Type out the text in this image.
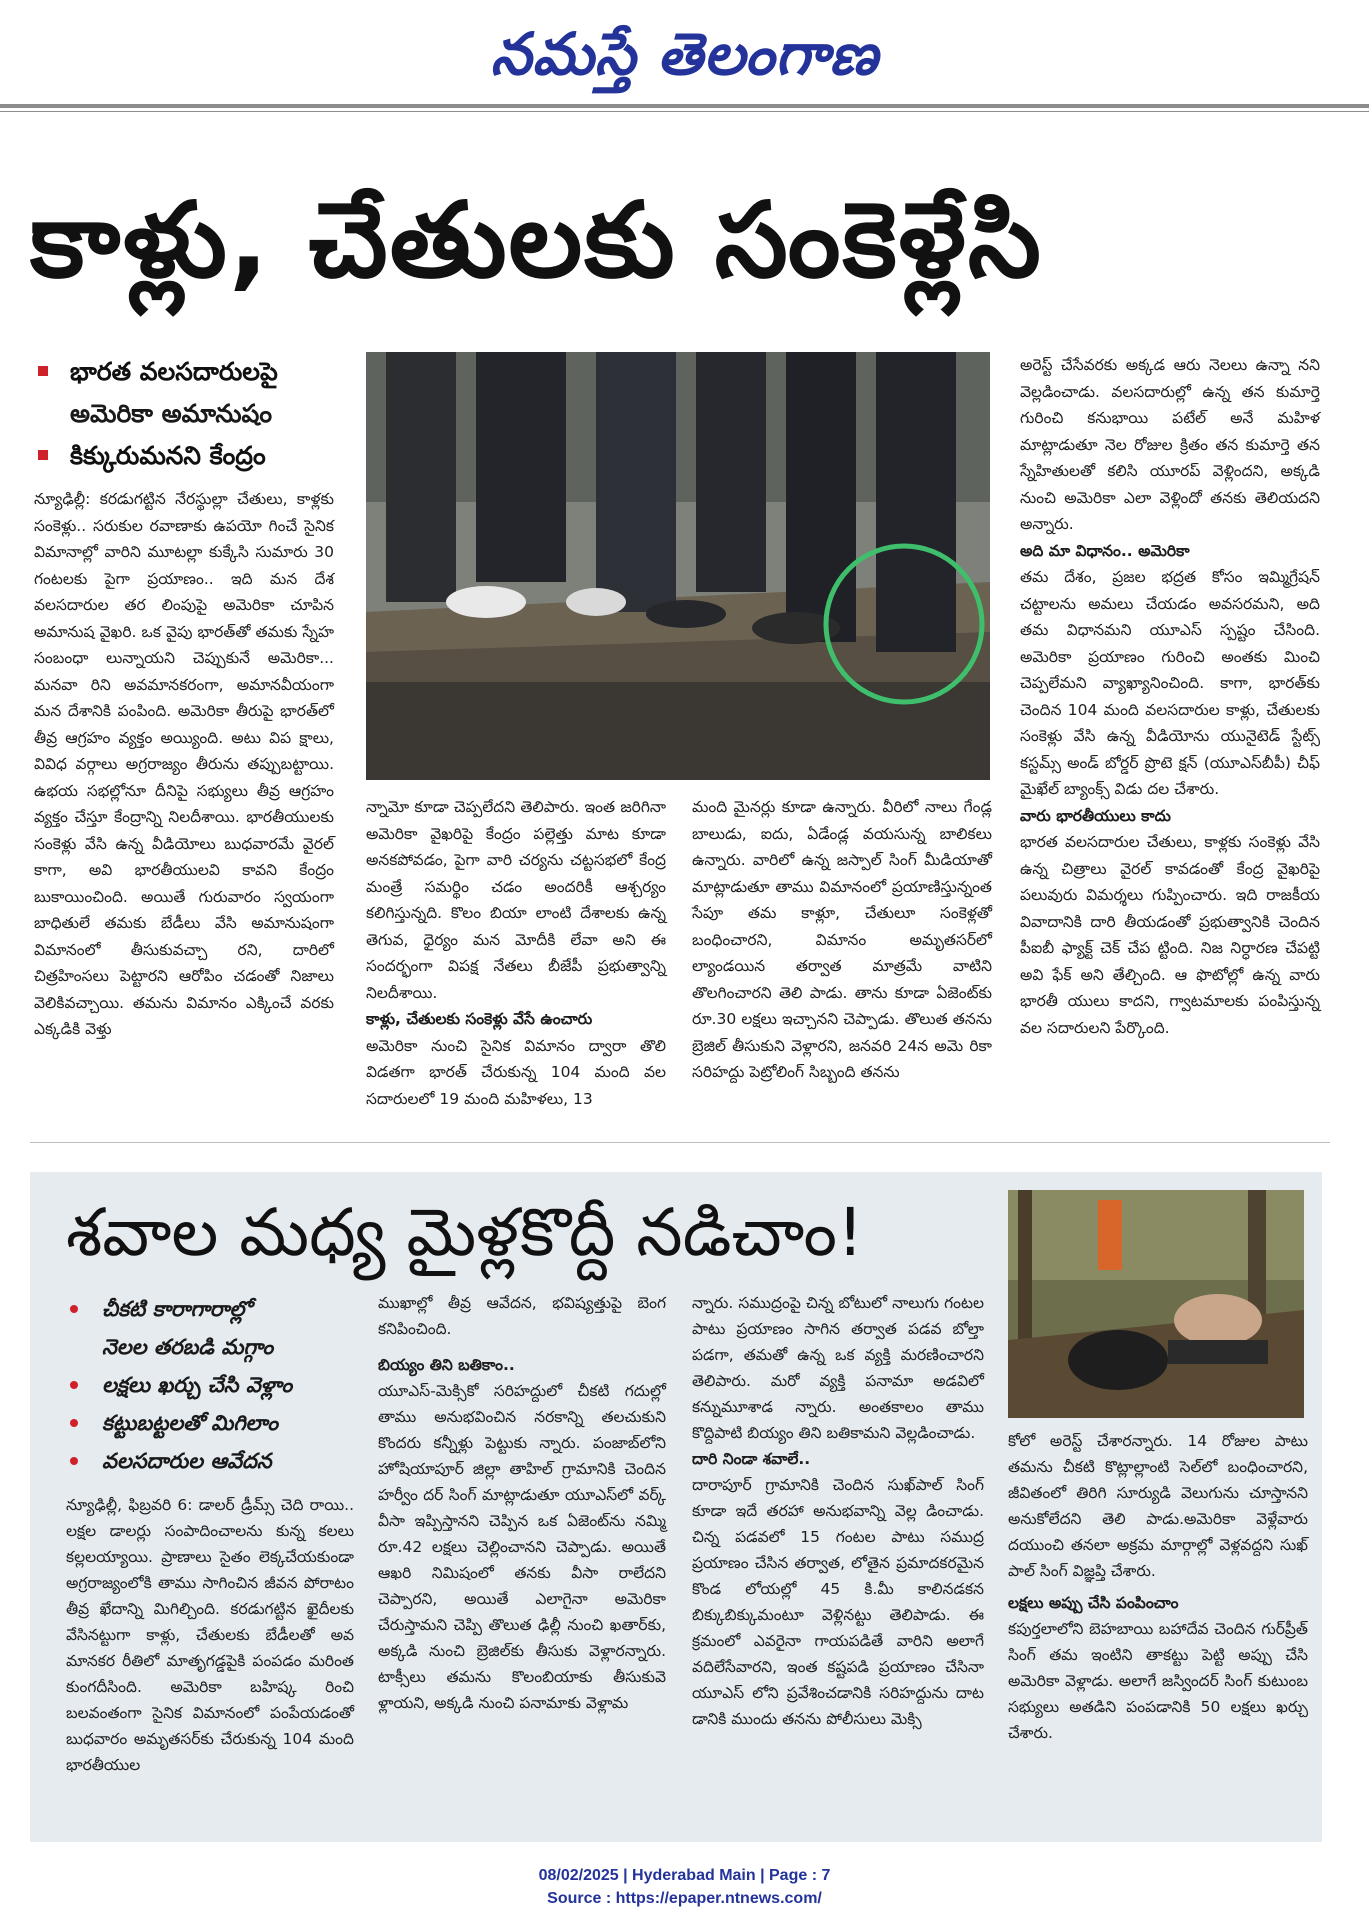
నమస్తే తెలంగాణ
కాళ్లు, చేతులకు సంకెళ్లేసి
భారత వలసదారులపై
అమెరికా అమానుషం
కిక్కురుమనని కేంద్రం

న్యూఢిల్లీ: కరడుగట్టిన నేరస్థుల్లా చేతులు, కాళ్లకు సంకెళ్లు.. సరుకుల రవాణాకు ఉపయో గించే సైనిక విమానాల్లో వారిని మూటల్లా కుక్కేసి సుమారు 30 గంటలకు పైగా ప్రయాణం.. ఇది మన దేశ వలసదారుల తర లింపుపై అమెరికా చూపిన అమానుష వైఖరి. ఒక వైపు భారత్‌తో తమకు స్నేహ సంబంధా లున్నాయని చెప్పుకునే అమెరికా... మనవా రిని అవమానకరంగా, అమానవీయంగా మన దేశానికి పంపింది. అమెరికా తీరుపై భారత్‌లో తీవ్ర ఆగ్రహం వ్యక్తం అయ్యింది. అటు విప క్షాలు, వివిధ వర్గాలు అగ్రరాజ్యం తీరును తప్పుబట్టాయి. ఉభయ సభల్లోనూ దీనిపై సభ్యులు తీవ్ర ఆగ్రహం వ్యక్తం చేస్తూ కేంద్రాన్ని నిలదీశాయి. భారతీయులకు సంకెళ్లు వేసి ఉన్న వీడియోలు బుధవారమే వైరల్ కాగా, అవి భారతీయులవి కావని కేంద్రం బుకాయించింది. అయితే గురువారం స్వయంగా బాధితులే తమకు బేడీలు వేసి అమానుషంగా విమానంలో తీసుకువచ్చా రని, దారిలో చిత్రహింసలు పెట్టారని ఆరోపిం చడంతో నిజాలు వెలికివచ్చాయి. తమను విమానం ఎక్కించే వరకు ఎక్కడికి వెళ్తు

న్నామో కూడా చెప్పలేదని తెలిపారు. ఇంత జరిగినా అమెరికా వైఖరిపై కేంద్రం పల్లెత్తు మాట కూడా అనకపోవడం, పైగా వారి చర్యను చట్టసభలో కేంద్ర మంత్రే సమర్థిం చడం అందరికీ ఆశ్చర్యం కలిగిస్తున్నది. కొలం బియా లాంటి దేశాలకు ఉన్న తెగువ, ధైర్యం మన మోదీకి లేవా అని ఈ సందర్భంగా విపక్ష నేతలు బీజేపీ ప్రభుత్వాన్ని నిలదీశాయి.

కాళ్లు, చేతులకు సంకెళ్లు వేసే ఉంచారు

అమెరికా నుంచి సైనిక విమానం ద్వారా తొలి విడతగా భారత్ చేరుకున్న 104 మంది వల సదారులలో 19 మంది మహిళలు, 13

మంది మైనర్లు కూడా ఉన్నారు. వీరిలో నాలు గేండ్ల బాలుడు, ఐదు, ఏడేండ్ల వయసున్న బాలికలు ఉన్నారు. వారిలో ఉన్న జస్పాల్ సింగ్ మీడియాతో మాట్లాడుతూ తాము విమానంలో ప్రయాణిస్తున్నంత సేపూ తమ కాళ్లూ, చేతులూ సంకెళ్లతో బంధించారని, విమానం అమృతసర్‌లో ల్యాండయిన తర్వాత మాత్రమే వాటిని తొలగించారని తెలి పాడు. తాను కూడా ఏజెంట్‌కు రూ.30 లక్షలు ఇచ్చానని చెప్పాడు. తొలుత తనను బ్రెజిల్ తీసుకుని వెళ్లారని, జనవరి 24న అమె రికా సరిహద్దు పెట్రోలింగ్ సిబ్బంది తనను

అరెస్ట్ చేసేవరకు అక్కడ ఆరు నెలలు ఉన్నా నని వెల్లడించాడు. వలసదారుల్లో ఉన్న తన కుమార్తె గురించి కనుభాయి పటేల్ అనే మహిళ మాట్లాడుతూ నెల రోజుల క్రితం తన కుమార్తె తన స్నేహితులతో కలిసి యూరప్ వెళ్లిందని, అక్కడి నుంచి అమెరికా ఎలా వెళ్లిందో తనకు తెలియదని అన్నారు.

అది మా విధానం.. అమెరికా

తమ దేశం, ప్రజల భద్రత కోసం ఇమ్మిగ్రేషన్ చట్టాలను అమలు చేయడం అవసరమని, అది తమ విధానమని యూఎస్ స్పష్టం చేసింది. అమెరికా ప్రయాణం గురించి అంతకు మించి చెప్పలేమని వ్యాఖ్యానించింది. కాగా, భారత్‌కు చెందిన 104 మంది వలసదారుల కాళ్లు, చేతులకు సంకెళ్లు వేసి ఉన్న వీడియోను యునైటెడ్ స్టేట్స్ కస్టమ్స్ అండ్ బోర్డర్ ప్రొటె క్షన్ (యూఎస్‌బీపీ) చీఫ్ మైఖేల్ బ్యాంక్స్ విడు దల చేశారు.

వారు భారతీయులు కాదు

భారత వలసదారుల చేతులు, కాళ్లకు సంకెళ్లు వేసి ఉన్న చిత్రాలు వైరల్ కావడంతో కేంద్ర వైఖరిపై పలువురు విమర్శలు గుప్పించారు. ఇది రాజకీయ వివాదానికి దారి తీయడంతో ప్రభుత్వానికి చెందిన పీఐబీ ఫ్యాక్ట్ చెక్ చేప ట్టింది. నిజ నిర్ధారణ చేపట్టి అవి ఫేక్ అని తేల్చింది. ఆ ఫొటోల్లో ఉన్న వారు భారతీ యులు కాదని, గ్వాటమాలకు పంపిస్తున్న వల సదారులని పేర్కొంది.

శవాల మధ్య మైళ్లకొద్దీ నడిచాం!
చీకటి కారాగారాల్లో
నెలల తరబడి మగ్గాం
లక్షలు ఖర్చు చేసి వెళ్లాం
కట్టుబట్టలతో మిగిలాం
వలసదారుల ఆవేదన

న్యూఢిల్లీ, ఫిబ్రవరి 6: డాలర్ డ్రీమ్స్ చెది రాయి.. లక్షల డాలర్లు సంపాదించాలను కున్న కలలు కల్లలయ్యాయి. ప్రాణాలు సైతం లెక్కచేయకుండా అగ్రరాజ్యంలోకి తాము సాగించిన జీవన పోరాటం తీవ్ర ఖేదాన్ని మిగిల్చింది. కరడుగట్టిన ఖైదీలకు వేసినట్టుగా కాళ్లు, చేతులకు బేడీలతో అవ మానకర రీతిలో మాతృగడ్డపైకి పంపడం మరింత కుంగదీసింది. అమెరికా బహిష్క రించి బలవంతంగా సైనిక విమానంలో పంపేయడంతో బుధవారం అమృతసర్‌కు చేరుకున్న 104 మంది భారతీయుల

ముఖాల్లో తీవ్ర ఆవేదన, భవిష్యత్తుపై బెంగ కనిపించింది.

బియ్యం తిని బతికాం..

యూఎస్-మెక్సికో సరిహద్దులో చీకటి గదుల్లో తాము అనుభవించిన నరకాన్ని తలచుకుని కొందరు కన్నీళ్లు పెట్టుకు న్నారు. పంజాబ్‌లోని హోషియాపూర్ జిల్లా తాహిల్ గ్రామానికి చెందిన హర్వీం దర్ సింగ్ మాట్లాడుతూ యూఎస్‌లో వర్క్ వీసా ఇప్పిస్తానని చెప్పిన ఒక ఏజెంట్‌ను నమ్మి రూ.42 లక్షలు చెల్లించానని చెప్పాడు. అయితే ఆఖరి నిమిషంలో తనకు వీసా రాలేదని చెప్పారని, అయితే ఎలాగైనా అమెరికా చేరుస్తామని చెప్పి తొలుత ఢిల్లీ నుంచి ఖతార్‌కు, అక్కడి నుంచి బ్రెజిల్‌కు తీసుకు వెళ్లారన్నారు. టాక్సీలు తమను కొలంబియాకు తీసుకువె ళ్లాయని, అక్కడి నుంచి పనామాకు వెళ్లామ

న్నారు. సముద్రంపై చిన్న బోటులో నాలుగు గంటల పాటు ప్రయాణం సాగిన తర్వాత పడవ బోల్తా పడగా, తమతో ఉన్న ఒక వ్యక్తి మరణించారని తెలిపారు. మరో వ్యక్తి పనామా అడవిలో కన్నుమూశాడ న్నారు. అంతకాలం తాము కొద్దిపాటి బియ్యం తిని బతికామని వెల్లడించాడు.

దారి నిండా శవాలే..

దారాపూర్ గ్రామానికి చెందిన సుఖ్‌పాల్ సింగ్ కూడా ఇదే తరహా అనుభవాన్ని వెల్ల డించాడు. చిన్న పడవలో 15 గంటల పాటు సముద్ర ప్రయాణం చేసిన తర్వాత, లోతైన ప్రమాదకరమైన కొండ లోయల్లో 45 కి.మీ కాలినడకన బిక్కుబిక్కుమంటూ వెళ్లినట్టు తెలిపాడు. ఈ క్రమంలో ఎవరైనా గాయపడితే వారిని అలాగే వదిలేసేవారని, ఇంత కష్టపడి ప్రయాణం చేసినా యూఎస్ లోని ప్రవేశించడానికి సరిహద్దును దాట డానికి ముందు తనను పోలీసులు మెక్సి

కోలో అరెస్ట్ చేశారన్నారు. 14 రోజుల పాటు తమను చీకటి కొట్లాల్లాంటి సెల్‌లో బంధించారని, జీవితంలో తిరిగి సూర్యుడి వెలుగును చూస్తానని అనుకోలేదని తెలి పాడు.అమెరికా వెళ్లేవారు దయుంచి తనలా అక్రమ మార్గాల్లో వెళ్లవద్దని సుఖ్ పాల్ సింగ్ విజ్ఞప్తి చేశారు.

లక్షలు అప్పు చేసి పంపించాం

కపుర్తలాలోని బెహబాయి బహాదేవ చెందిన గుర్‌ప్రీత్ సింగ్ తమ ఇంటిని తాకట్టు పెట్టి అప్పు చేసి అమెరికా వెళ్లాడు. అలాగే జస్విందర్ సింగ్ కుటుంబ సభ్యులు అతడిని పంపడానికి 50 లక్షలు ఖర్చు చేశారు.

08/02/2025 | Hyderabad Main | Page : 7
Source : https://epaper.ntnews.com/
